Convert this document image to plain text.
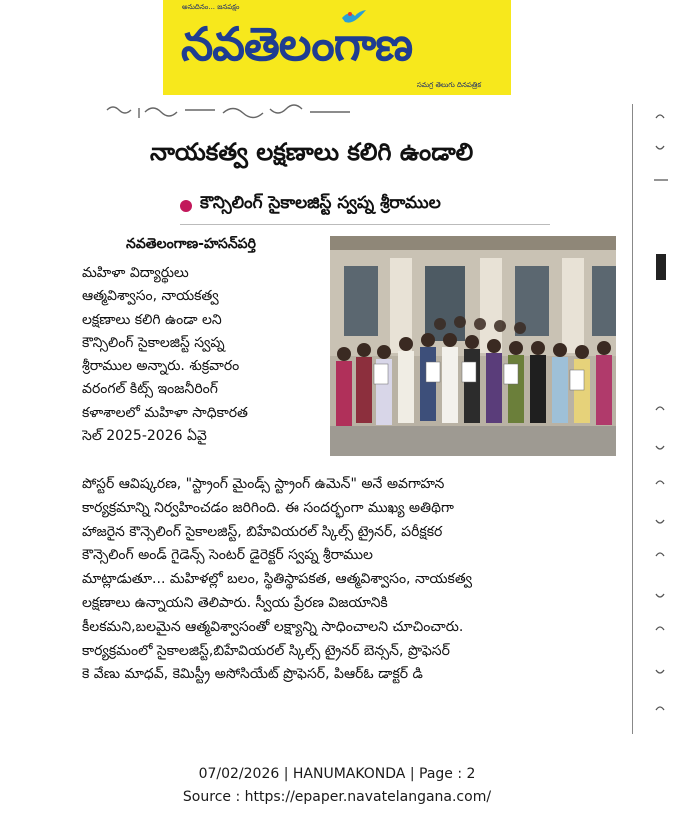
అనుదినం... జనపక్షం
నవతెలంగాణ
సమగ్ర తెలుగు దినపత్రిక
నాయకత్వ లక్షణాలు కలిగి ఉండాలి
కౌన్సిలింగ్ సైకాలజిస్ట్ స్వప్న శ్రీరాముల
నవతెలంగాణ-హసన్‌పర్తి
మహిళా విద్యార్థులు
ఆత్మవిశ్వాసం, నాయకత్వ
లక్షణాలు కలిగి ఉండా లని
కౌన్సిలింగ్ సైకాలజిస్ట్ స్వప్న
శ్రీరాముల అన్నారు. శుక్రవారం
వరంగల్ కిట్స్ ఇంజనీరింగ్
కళాశాలలో మహిళా సాధికారత
సెల్ 2025-2026 ఏవై
పోస్టర్ ఆవిష్కరణ, "స్ట్రాంగ్ మైండ్స్ స్ట్రాంగ్ ఉమెన్" అనే అవగాహన
కార్యక్రమాన్ని నిర్వహించడం జరిగింది. ఈ సందర్భంగా ముఖ్య అతిథిగా
హాజరైన కౌన్సెలింగ్ సైకాలజిస్ట్, బిహేవియరల్ స్కిల్స్ ట్రైనర్, పరీక్షకర
కౌన్సెలింగ్ అండ్ గైడెన్స్ సెంటర్ డైరెక్టర్ స్వప్న శ్రీరాముల
మాట్లాడుతూ... మహిళల్లో బలం, స్థితిస్థాపకత, ఆత్మవిశ్వాసం, నాయకత్వ
లక్షణాలు ఉన్నాయని తెలిపారు. స్వీయ ప్రేరణ విజయానికి
కీలకమని,బలమైన ఆత్మవిశ్వాసంతో లక్ష్యాన్ని సాధించాలని చూచించారు.
కార్యక్రమంలో సైకాలజిస్ట్,బిహేవియరల్ స్కిల్స్ ట్రైనర్ బెన్సన్, ప్రొఫెసర్
కె వేణు మాధవ్, కెమిస్ట్రీ అసోసియేట్ ప్రొఫెసర్, పిఆర్ఓ డాక్టర్ డి
07/02/2026 | HANUMAKONDA | Page : 2
Source : https://epaper.navatelangana.com/
